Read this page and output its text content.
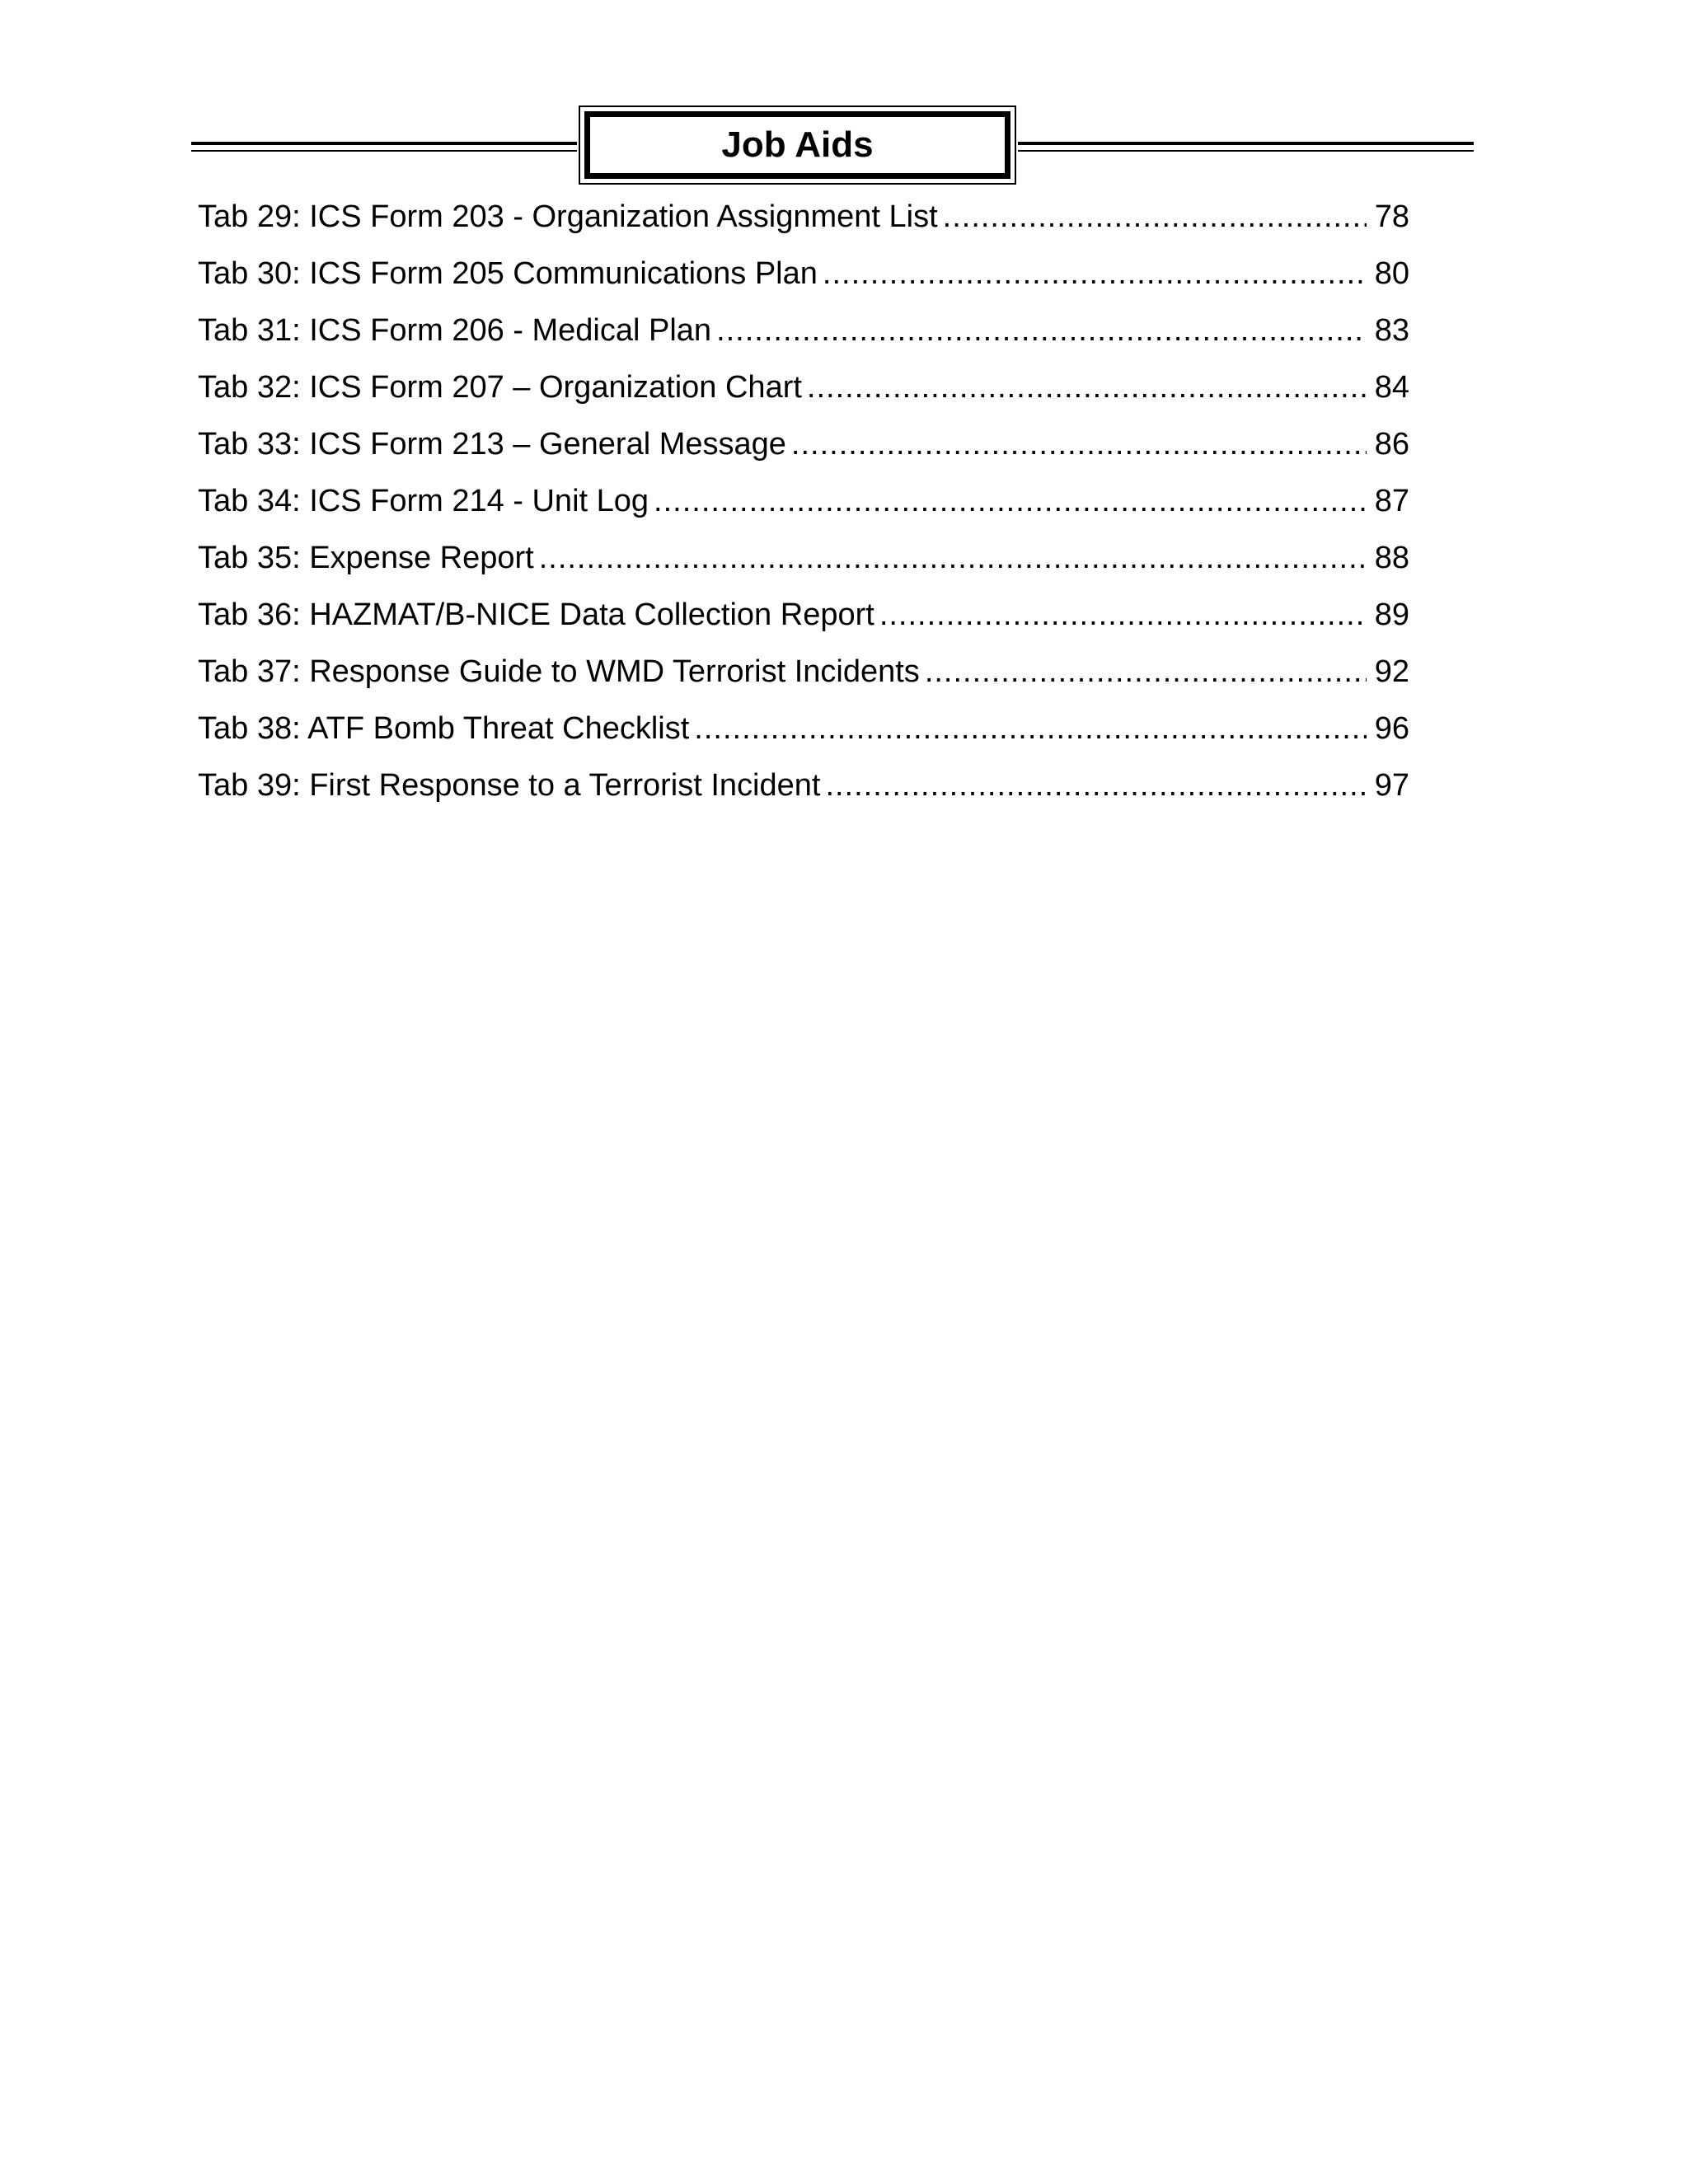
Job Aids
Tab 29: ICS Form 203 - Organization Assignment List .....	78
Tab 30: ICS Form 205 Communications Plan .....	80
Tab 31: ICS Form 206 - Medical Plan .....	83
Tab 32: ICS Form 207 – Organization Chart .....	84
Tab 33: ICS Form 213 – General Message .....	86
Tab 34: ICS Form 214 - Unit Log .....	87
Tab 35: Expense Report .....	88
Tab 36: HAZMAT/B-NICE Data Collection Report .....	89
Tab 37: Response Guide to WMD Terrorist Incidents .....	92
Tab 38: ATF Bomb Threat Checklist .....	96
Tab 39: First Response to a Terrorist Incident .....	97
